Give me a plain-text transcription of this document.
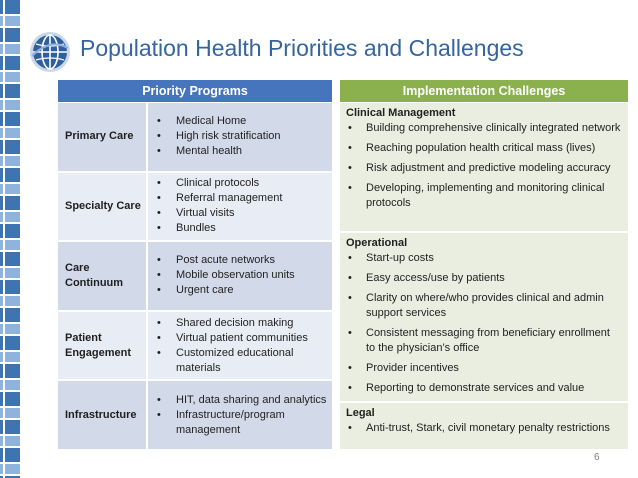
Population Health Priorities and Challenges
Priority Programs	Implementation Challenges
Primary Care
• Medical Home
• High risk stratification
• Mental health
Specialty Care
• Clinical protocols
• Referral management
• Virtual visits
• Bundles
Care Continuum
• Post acute networks
• Mobile observation units
• Urgent care
Patient Engagement
• Shared decision making
• Virtual patient communities
• Customized educational materials
Infrastructure
• HIT, data sharing and analytics
• Infrastructure/program management
Clinical Management
• Building comprehensive clinically integrated network
• Reaching population health critical mass (lives)
• Risk adjustment and predictive modeling accuracy
• Developing, implementing and monitoring clinical protocols
Operational
• Start-up costs
• Easy access/use by patients
• Clarity on where/who provides clinical and admin support services
• Consistent messaging from beneficiary enrollment to the physician’s office
• Provider incentives
• Reporting to demonstrate services and value
Legal
• Anti-trust, Stark, civil monetary penalty restrictions
6
